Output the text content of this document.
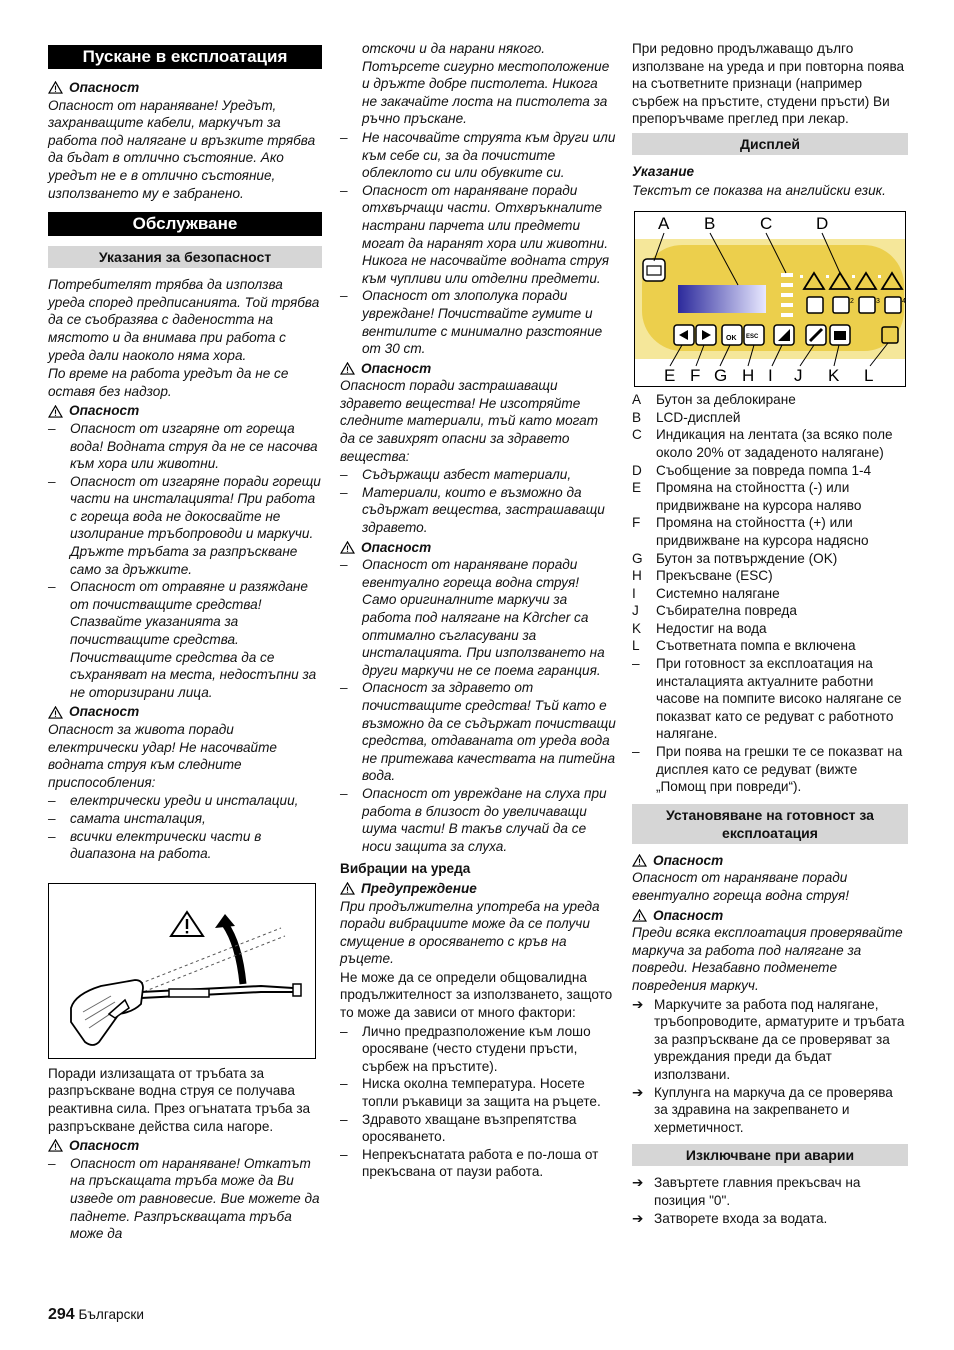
Пускане в експлоатация
Опасност

Опасност от нараняване! Уредът, захранващите кабели, маркучът за работа под налягане и връзките трябва да бъдат в отлично състояние. Ако уредът не е в отлично състояние, използването му е забранено.

Обслужване
Указания за безопасност

Потребителят трябва да използва уреда според предписанията. Той трябва да се съобразява с дадеността на мястото и да внимава при работа с уреда дали наоколо няма хора.

По време на работа уредът да не се оставя без надзор.

Опасност
–	Опасност от изгаряне от гореща вода! Водната струя да не се насочва към хора или животни.
–	Опасност от изгаряне поради горещи части на инсталацията! При работа с гореща вода не докосвайте не изолирание тръбопроводи и маркучи. Дръжте тръбата за разпръскване само за дръжките.
–	Опасност от отравяне и разяждане от почистващите средства! Спазвайте указанията за почистващите средства. Почистващите средства да се съхраняват на места, недостъпни за не оторизирани лица.
Опасност

Опасност за живота поради електрически удар! Не насочвайте водната струя към следните приспособления:

–	електрически уреди и инсталации,
–	самата инсталация,
–	всички електрически части в диапазона на работа.

Поради излизащата от тръбата за разпръскване водна струя се получава реактивна сила. През огънатата тръба за разпръскване действа сила нагоре.

Опасност
–	Опасност от нараняване! Откатът на пръскащата тръба може да Ви изведе от равновесие. Вие можете да паднете. Разпръскващата тръба може да

отскочи и да нарани някого. Потърсете сигурно местоположение и дръжте добре пистолета. Никога не закачайте лоста на пистолета за ръчно пръскане.

–	Не насочвайте струята към други или към себе си, за да почистите облеклото си или обувките си.
–	Опасност от нараняване поради отхвърчащи части. Отхвръкналите настрани парчета или предмети могат да наранят хора или животни. Никога не насочвайте водната струя към чупливи или отделни предмети.
–	Опасност от злополука поради увреждане! Почиствайте гумите и вентилите с минимално разстояние от 30 cm.
Опасност

Опасност поради застрашаващи здравето вещества! Не изсотряйте следните материали, тъй като могат да се завихрят опасни за здравето вещества:

–	Съдържащи азбест материали,
–	Материали, които е възможно да съдържат вещества, застрашаващи здравето.
Опасност
–	Опасност от нараняване поради евентуално гореща водна струя! Само оригиналните маркучи за работа под налягане на Kдrcher са оптимално съгласувани за инсталацията. При използването на други маркучи не се поема гаранция.
–	Опасност за здравето от почистващите средства! Тъй като е възможно да се съдържат почистващи средства, отдаваната от уреда вода не притежава качествата на питейна вода.
–	Опасност от увреждане на слуха при работа в близост до увеличаващи шума части! В такъв случай да се носи защита за слуха.

Вибрации на уреда

Предупреждение

При продължителна употреба на уреда поради вибрациите може да се получи смущение в оросяването с кръв на ръцете.

Не може да се определи общовалидна продължителност за използването, защото то може да зависи от много фактори:

–	Лично предразположение към лошо оросяване (често студени пръсти, сърбеж на пръстите).
–	Ниска околна температура. Носете топли ръкавици за защита на ръцете.
–	Здравото хващане възпрепятства оросяването.
–	Непрекъснатата работа е по-лоша от прекъсвана от паузи работа.

При редовно продължаващо дълго използване на уреда и при повторна поява на съответните признаци (например сърбеж на пръстите, студени пръсти) Ви препоръчваме преглед при лекар.

Дисплей

Указание

Текстът се показва на английски език.

2	3	4
OK ESC
A B	C	D
E F G H I J K L
A	Бутон за деблокиране
B	LCD-дисплей
C	Индикация на лентата (за всяко поле около 20% от зададеното налягане)
D	Съобщение за повреда помпа 1-4
E	Промяна на стойността (-) или придвижване на курсора наляво
F	Промяна на стойността (+) или придвижване на курсора надясно
G Бутон за потвърждение (OK)
H	Прекъсване (ESC)
I	Системно налягане
J	Събирателна повреда
K	Недостиг на вода
L	Съответната помпа е включена
–	При готовност за експлоатация на инсталацията актуалните работни часове на помпите високо налягане се показват като се редуват с работното налягане.
–	При поява на грешки те се показват на дисплея като се редуват (вижте „Помощ при повреди“).
Установяване на готовност за експлоатация
Опасност

Опасност от нараняване поради евентуално гореща водна струя!

Опасност

Преди всяка експлоатация проверявайте маркуча за работа под налягане за повреди. Незабавно подменете повредения маркуч.

➔ Маркучите за работа под налягане, тръбопроводите, арматурите и тръбата за разпръскване да се проверяват за увреждания преди да бъдат използвани.
➔ Куплунга на маркуча да се проверява за здравина на закрепването и херметичност.
Изключване при аварии
➔ Завъртете главния прекъсвач на позиция "0".
➔ Затворете входа за водата.
294 Български
